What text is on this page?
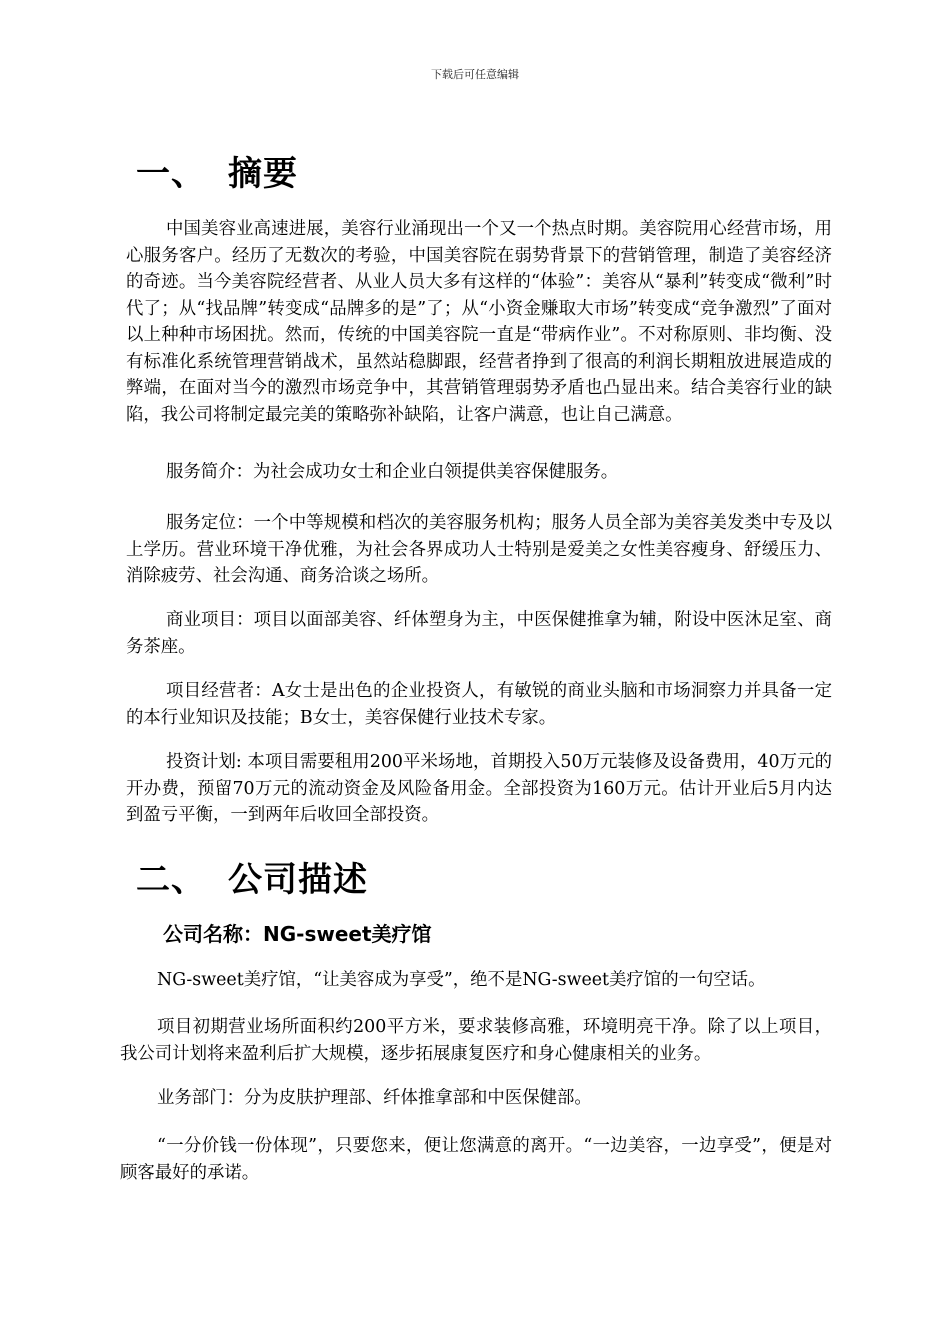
下载后可任意编辑
一、 摘要

中国美容业高速进展，美容行业涌现出一个又一个热点时期。美容院用心经营市场，用心服务客户。经历了无数次的考验，中国美容院在弱势背景下的营销管理，制造了美容经济的奇迹。当今美容院经营者、从业人员大多有这样的“体验”：美容从“暴利”转变成“微利”时代了；从“找品牌”转变成“品牌多的是”了；从“小资金赚取大市场”转变成“竞争激烈”了面对以上种种市场困扰。然而，传统的中国美容院一直是“带病作业”。不对称原则、非均衡、没有标准化系统管理营销战术，虽然站稳脚跟，经营者挣到了很高的利润长期粗放进展造成的弊端，在面对当今的激烈市场竞争中，其营销管理弱势矛盾也凸显出来。结合美容行业的缺陷，我公司将制定最完美的策略弥补缺陷，让客户满意，也让自己满意。

服务简介：为社会成功女士和企业白领提供美容保健服务。

服务定位：一个中等规模和档次的美容服务机构；服务人员全部为美容美发类中专及以上学历。营业环境干净优雅，为社会各界成功人士特别是爱美之女性美容瘦身、舒缓压力、消除疲劳、社会沟通、商务洽谈之场所。

商业项目：项目以面部美容、纤体塑身为主，中医保健推拿为辅，附设中医沐足室、商务茶座。

项目经营者：A女士是出色的企业投资人，有敏锐的商业头脑和市场洞察力并具备一定的本行业知识及技能；B女士，美容保健行业技术专家。

投资计划: 本项目需要租用200平米场地，首期投入50万元装修及设备费用，40万元的开办费，预留70万元的流动资金及风险备用金。全部投资为160万元。估计开业后5月内达到盈亏平衡，一到两年后收回全部投资。

二、 公司描述
公司名称：NG-sweet美疗馆

NG-sweet美疗馆，“让美容成为享受”，绝不是NG-sweet美疗馆的一句空话。

项目初期营业场所面积约200平方米，要求装修高雅，环境明亮干净。除了以上项目，我公司计划将来盈利后扩大规模，逐步拓展康复医疗和身心健康相关的业务。

业务部门：分为皮肤护理部、纤体推拿部和中医保健部。

“一分价钱一份体现”，只要您来，便让您满意的离开。“一边美容，一边享受”，便是对顾客最好的承诺。
